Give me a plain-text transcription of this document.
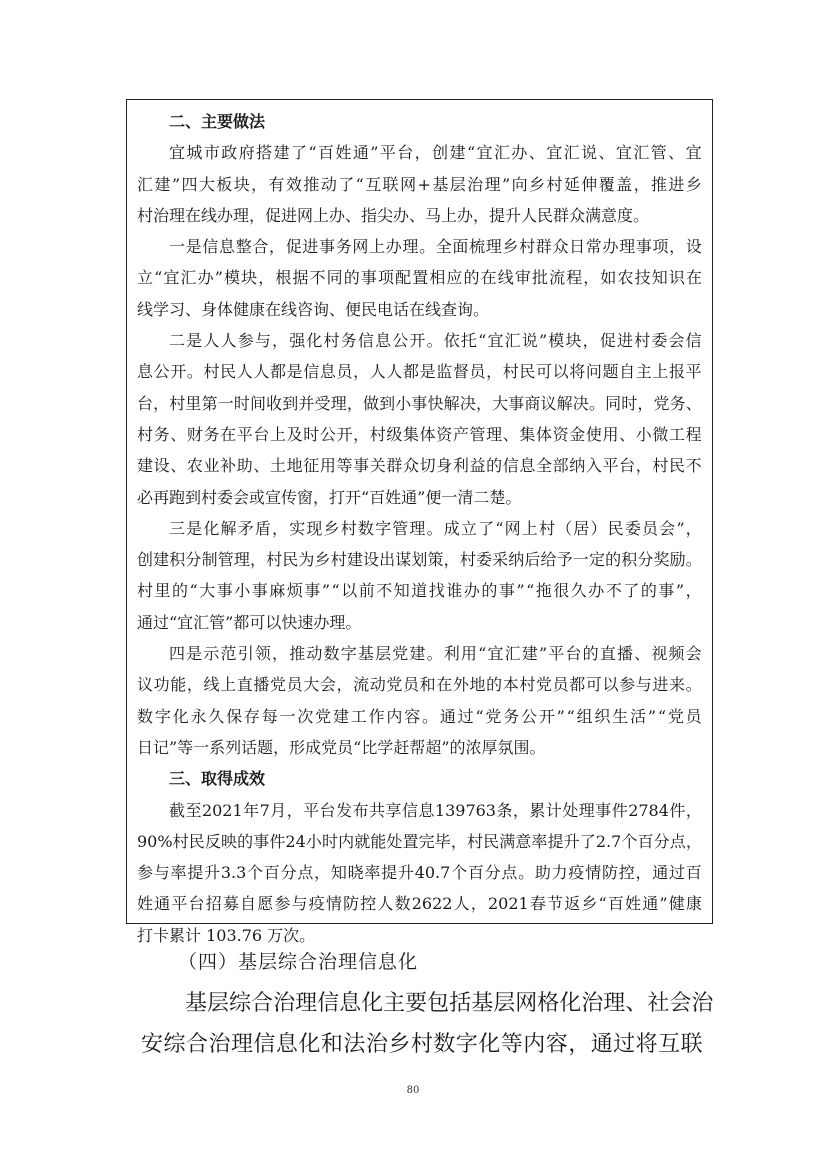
二、主要做法
宜 城 市 政 府 搭 建 了 “ 百 姓 通 ” 平 台 ， 创 建 “ 宜 汇 办 、 宜 汇 说 、 宜 汇 管 、 宜
汇 建 ” 四 大 板 块 ， 有 效 推 动 了 “ 互 联 网 + 基 层 治 理 ” 向 乡 村 延 伸 覆 盖 ， 推 进 乡
村治理在线办理，促进网上办、指尖办、马上办，提升人民群众满意度。
一 是 信 息 整 合 ， 促 进 事 务 网 上 办 理 。 全 面 梳 理 乡 村 群 众 日 常 办 理 事 项 ， 设
立 “ 宜 汇 办 ” 模 块 ， 根 据 不 同 的 事 项 配 置 相 应 的 在 线 审 批 流 程 ， 如 农 技 知 识 在
线学习、身体健康在线咨询、便民电话在线查询。
二 是 人 人 参 与 ， 强 化 村 务 信 息 公 开 。 依 托 “ 宜 汇 说 ” 模 块 ， 促 进 村 委 会 信
息 公 开 。 村 民 人 人 都 是 信 息 员 ， 人 人 都 是 监 督 员 ， 村 民 可 以 将 问 题 自 主 上 报 平
台 ， 村 里 第 一 时 间 收 到 并 受 理 ， 做 到 小 事 快 解 决 ， 大 事 商 议 解 决 。 同 时 ， 党 务 、
村 务 、 财 务 在 平 台 上 及 时 公 开 ， 村 级 集 体 资 产 管 理 、 集 体 资 金 使 用 、 小 微 工 程
建 设 、 农 业 补 助 、 土 地 征 用 等 事 关 群 众 切 身 利 益 的 信 息 全 部 纳 入 平 台 ， 村 民 不
必再跑到村委会或宣传窗，打开“百姓通”便一清二楚。
三 是 化 解 矛 盾 ， 实 现 乡 村 数 字 管 理 。 成 立 了 “ 网 上 村 （ 居 ） 民 委 员 会 ” ，
创 建 积 分 制 管 理 ， 村 民 为 乡 村 建 设 出 谋 划 策 ， 村 委 采 纳 后 给 予 一 定 的 积 分 奖 励 。
村 里 的 “ 大 事 小 事 麻 烦 事 ” “ 以 前 不 知 道 找 谁 办 的 事 ” “ 拖 很 久 办 不 了 的 事 ” ，
通过“宜汇管”都可以快速办理。
四 是 示 范 引 领 ， 推 动 数 字 基 层 党 建 。 利 用 “ 宜 汇 建 ” 平 台 的 直 播 、 视 频 会
议 功 能 ， 线 上 直 播 党 员 大 会 ， 流 动 党 员 和 在 外 地 的 本 村 党 员 都 可 以 参 与 进 来 。
数 字 化 永 久 保 存 每 一 次 党 建 工 作 内 容 。 通 过 “ 党 务 公 开 ” “ 组 织 生 活 ” “ 党 员
日记”等一系列话题，形成党员“比学赶帮超”的浓厚氛围。
三、取得成效
截 至 2021 年 7 月 ， 平 台 发 布 共 享 信 息 139763 条 ， 累 计 处 理 事 件 2784 件 ，
90% 村 民 反 映 的 事 件 24 小 时 内 就 能 处 置 完 毕 ， 村 民 满 意 率 提 升 了 2.7 个 百 分 点 ，
参 与 率 提 升 3.3 个 百 分 点 ， 知 晓 率 提 升 40.7 个 百 分 点 。 助 力 疫 情 防 控 ， 通 过 百
姓 通 平 台 招 募 自 愿 参 与 疫 情 防 控 人 数 2622 人 ， 2021 春 节 返 乡 “ 百 姓 通 ” 健 康
打卡累计 103.76 万次。
（四）基层综合治理信息化
基 层 综 合 治 理 信 息 化 主 要 包 括 基 层 网 格 化 治 理 、 社 会 治
安 综 合 治 理 信 息 化 和 法 治 乡 村 数 字 化 等 内 容 ， 通 过 将 互 联
80
